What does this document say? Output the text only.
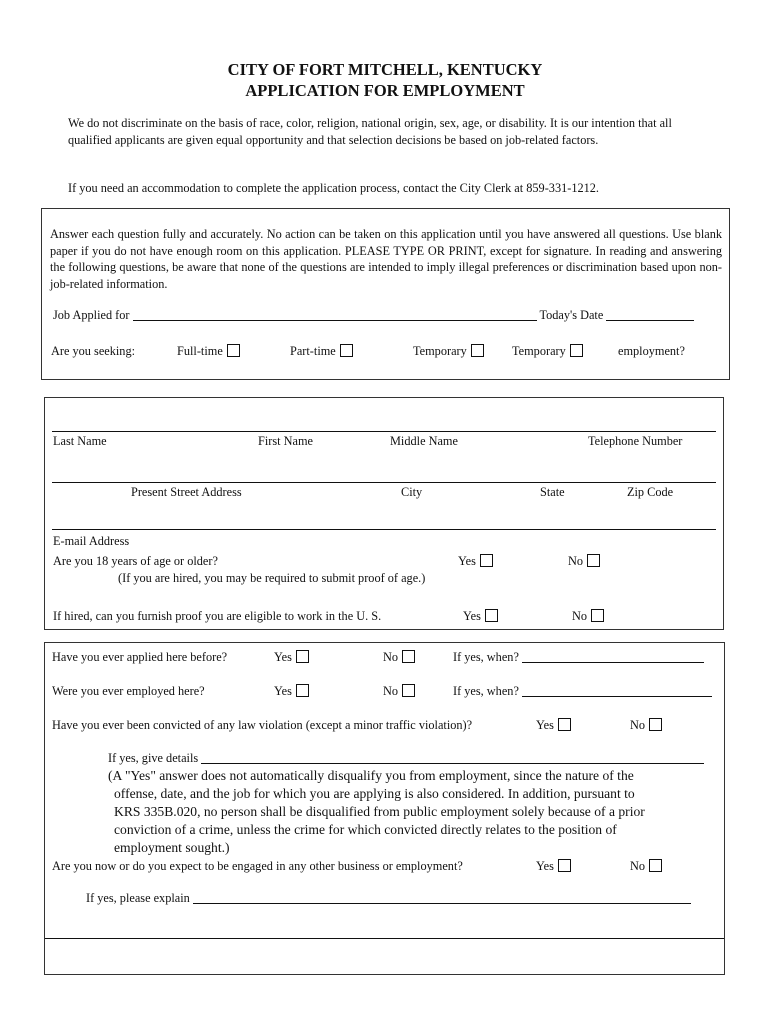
CITY OF FORT MITCHELL, KENTUCKY
APPLICATION FOR EMPLOYMENT
We do not discriminate on the basis of race, color, religion, national origin, sex, age, or disability. It is our intention that all qualified applicants are given equal opportunity and that selection decisions be based on job-related factors.
If you need an accommodation to complete the application process, contact the City Clerk at 859-331-1212.
Answer each question fully and accurately. No action can be taken on this application until you have answered all questions. Use blank paper if you do not have enough room on this application. PLEASE TYPE OR PRINT, except for signature. In reading and answering the following questions, be aware that none of the questions are intended to imply illegal preferences or discrimination based upon non-job-related information.
Job Applied for	Today's Date
Are you seeking:	Full-time	Part-time	Temporary	Temporary	employment?
Last Name	First Name	Middle Name	Telephone Number
Present Street Address	City	State	Zip Code
E-mail Address
Are you 18 years of age or older?	Yes	No
(If you are hired, you may be required to submit proof of age.)
If hired, can you furnish proof you are eligible to work in the U. S.	Yes	No
Have you ever applied here before?	Yes	No	If yes, when?
Were you ever employed here?	Yes	No	If yes, when?
Have you ever been convicted of any law violation (except a minor traffic violation)?	Yes	No
If yes, give details
(A "Yes" answer does not automatically disqualify you from employment, since the nature of the
offense, date, and the job for which you are applying is also considered. In addition, pursuant to
KRS 335B.020, no person shall be disqualified from public employment solely because of a prior
conviction of a crime, unless the crime for which convicted directly relates to the position of
employment sought.)
Are you now or do you expect to be engaged in any other business or employment?	Yes	No
If yes, please explain
